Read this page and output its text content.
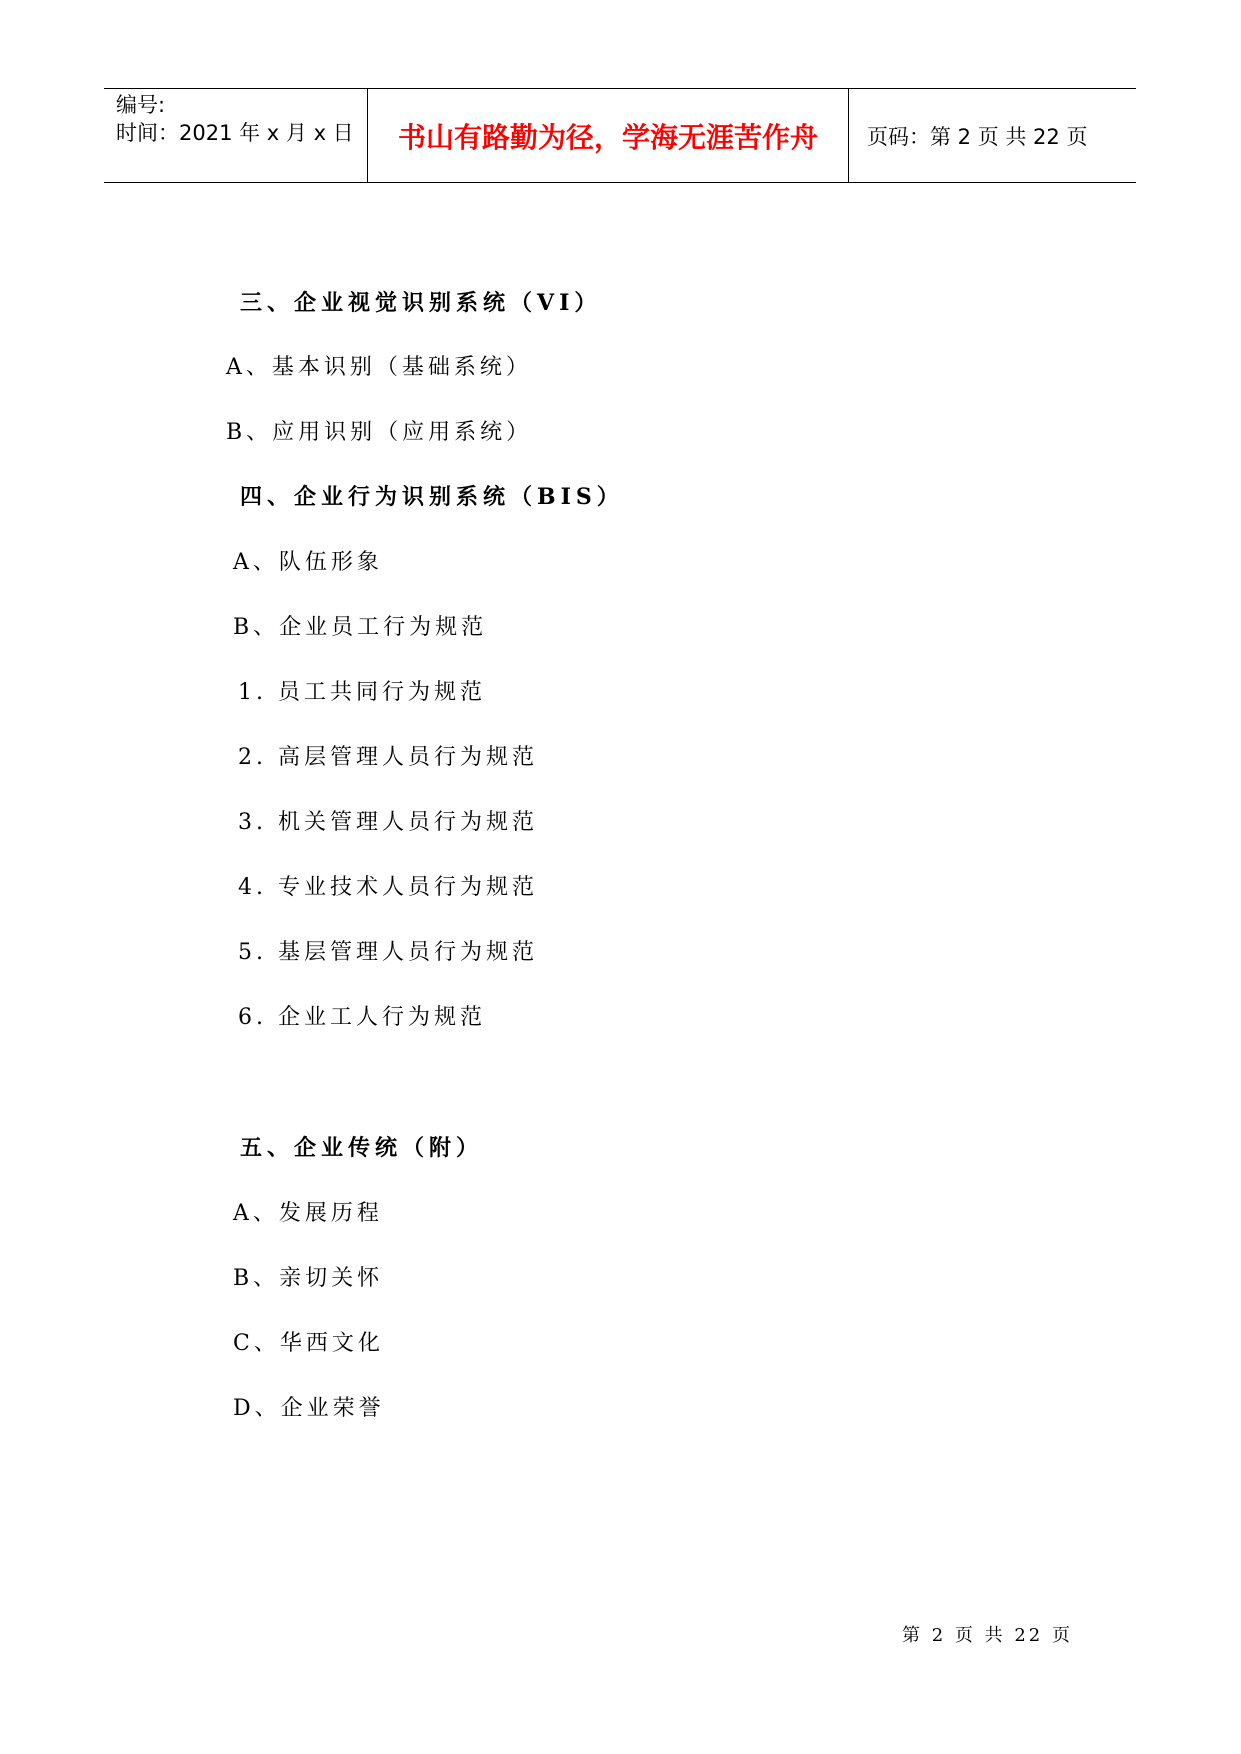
编号:
时间：2021 年 x 月 x 日	书山有路勤为径，学海无涯苦作舟	页码：第 2 页 共 22 页
三、企业视觉识别系统（VI）
A、基本识别（基础系统）
B、应用识别（应用系统）
四、企业行为识别系统（BIS）
A、队伍形象
B、企业员工行为规范
1. 员工共同行为规范
2. 高层管理人员行为规范
3. 机关管理人员行为规范
4. 专业技术人员行为规范
5. 基层管理人员行为规范
6. 企业工人行为规范
五、企业传统（附）
A、发展历程
B、亲切关怀
C、华西文化
D、企业荣誉
第 2 页 共 22 页
